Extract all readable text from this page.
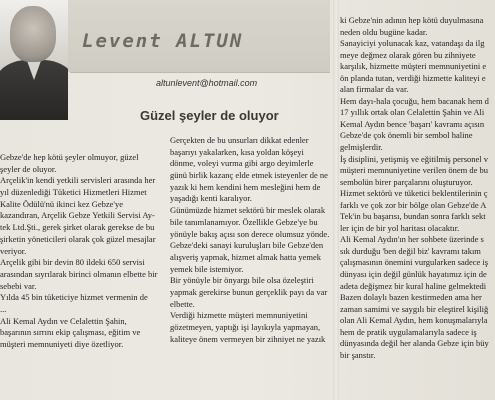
Levent ALTUN
altunlevent@hotmail.com
Güzel şeyler de oluyor
Gebze'de hep kötü şeyler olmuyor, güzel
şeyler de oluyor.
Arçelik'in kendi yetkili servisleri arasında her
yıl düzenlediği Tüketici Hizmetleri Hizmet
Kalite Ödülü'nü ikinci kez Gebze'ye
kazandıran, Arçelik Gebze Yetkili Servisi Ay-
tek Ltd.Şti., gerek şirket olarak gerekse de bu
şirketin yöneticileri olarak çok güzel mesajlar
veriyor.
Arçelik gibi bir devin 80 ildeki 650 servisi
arasından sıyrılarak birinci olmanın elbette bir
sebebi var.
Yılda 45 bin tüketiciye hizmet vermenin de
...
Ali Kemal Aydın ve Celalettin Şahin,
başarının sırrını ekip çalışması, eğitim ve
müşteri memnuniyeti diye özetliyor.
Gerçekten de bu unsurları dikkat edenler
başarıyı yakalarken, kısa yoldan köşeyi
dönme, voleyi vurma gibi argo deyimlerle
günü birlik kazanç elde etmek isteyenler de ne
yazık ki hem kendini hem mesleğini hem de
yaşadığı kenti karalıyor.
Günümüzde hizmet sektörü bir meslek olarak
bile tanımlanamıyor. Özellikle Gebze'ye bu
yönüyle bakış açısı son derece olumsuz yönde.
Gebze'deki sanayi kuruluşları bile Gebze'den
alışveriş yapmak, hizmet almak hatta yemek
yemek bile istemiyor.
Bir yönüyle bir önyargı bile olsa özeleştiri
yapmak gerekirse bunun gerçeklik payı da var
elbette.
Verdiği hizmette müşteri memnuniyetini
gözetmeyen, yaptığı işi layıkıyla yapmayan,
kaliteye önem vermeyen bir zihniyet ne yazık
ki Gebze'nin adının hep kötü duyulmasına
neden oldu bugüne kadar.
Sanayiciyi yolunacak kaz, vatandaşı da ilg
meye değmez olarak gören bu zihniyete
karşılık, hizmette müşteri memnuniyetini e
ön planda tutan, verdiği hizmette kaliteyi e
alan firmalar da var.
Hem dayı-hala çocuğu, hem bacanak hem d
17 yıllık ortak olan Celalettin Şahin ve Ali
Kemal Aydın bence 'başarı' kavramı açısın
Gebze'de çok önemli bir sembol haline
gelmişlerdir.
İş disiplini, yetişmiş ve eğitilmiş personel v
müşteri memnuniyetine verilen önem de bu
sembolün birer parçalarını oluşturuyor.
Hizmet sektörü ve tüketici beklentilerinin ç
farklı ve çok zor bir bölge olan Gebze'de A
Tek'in bu başarısı, bundan sonra farklı sekt
ler için de bir yol haritası olacaktır.
Ali Kemal Aydın'ın her sohbete üzerinde s
sık durduğu 'ben değil biz' kavramı takım
çalışmasının önemini vurgularken sadece iş
dünyası için değil günlük hayatımız için de
adeta değişmez bir kural haline gelmektedi
Bazen dolaylı bazen kestirmeden ama her
zaman samimi ve saygılı bir eleştirel kişiliğ
olan Ali Kemal Aydın, hem konuşmalarıyla
hem de pratik uygulamalarıyla sadece iş
dünyasında değil her alanda Gebze için büy
bir şanstır.
